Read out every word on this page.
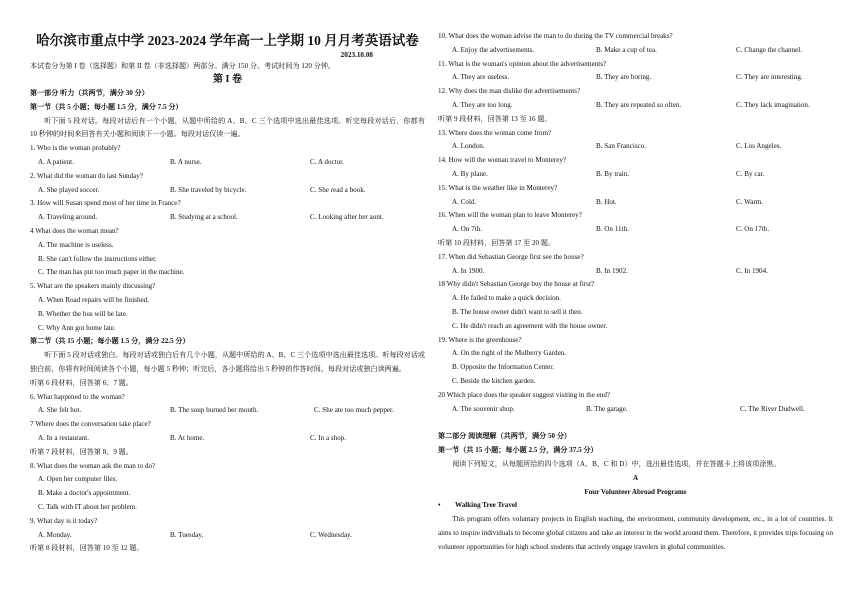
哈尔滨市重点中学 2023-2024 学年高一上学期 10 月月考英语试卷
2023.10.08
本试卷分为第 I 卷（选择题）和第 II 卷（非选择题）两部分。满分 150 分。考试时间为 120 分钟。
第 I 卷
第一部分 听力（共两节，满分 30 分）
第一节（共 5 小题；每小题 1.5 分，满分 7.5 分）
听下面 5 段对话。每段对话后有一个小题，从题中所给的 A、B、C 三个选项中选出最佳选项。听完每段对话后，你都有 10 秒钟的时间来回答有关小题和阅读下一小题。每段对话仅读一遍。
1. Who is the woman probably?
A. A patient.	B. A nurse.	C. A doctor.
2. What did the woman do last Sunday?
A. She played soccer.	B. She traveled by bicycle.	C. She read a book.
3. How will Susan spend most of her time in France?
A. Traveling around.	B. Studying at a school.	C. Looking after her aunt.
4 What does the woman mean?
A. The machine is useless.
B. She can't follow the instructions either.
C. The man has put too much paper in the machine.
5. What are the speakers mainly discussing?
A. When Road repairs will be finished.
B. Whether the bus will be late.
C. Why Ann got home late.
第二节（共 15 小题；每小题 1.5 分，满分 22.5 分）
听下面 5 段对话或独白。每段对话或独白后有几个小题，从题中所给的 A、B、C 三个选项中选出最佳选项。听每段对话或独白前，你将有时间阅读各个小题，每小题 5 秒钟；听完后，各小题将给出 5 秒钟的作答时间。每段对话或独白读两遍。
听第 6 段材料，回答第 6、7 题。
6. What happened to the woman?
A. She felt hot.	B. The soup burned her mouth.	C. She ate too much pepper.
7 Where does the conversation take place?
A. In a restaurant.	B. At home.	C. In a shop.
听第 7 段材料，回答第 8、9 题。
8. What does the woman ask the man to do?
A. Open her computer files.
B. Make a doctor's appointment.
C. Talk with IT about her problem.
9. What day is it today?
A. Monday.	B. Tuesday.	C. Wednesday.
听第 8 段材料，回答第 10 至 12 题。
10. What does the woman advise the man to do during the TV commercial breaks?
A. Enjoy the advertisements.	B. Make a cup of tea.	C. Change the channel.
11. What is the woman's opinion about the advertisements?
A. They are useless.	B. They are boring.	C. They are interesting.
12. Why does the man dislike the advertisements?
A. They are too long.	B. They are repeated so often.	C. They lack imagination.
听第 9 段材料，回答第 13 至 16 题。
13. Where does the woman come from?
A. London.	B. San Francisco.	C. Los Angeles.
14. How will the woman travel to Monterey?
A. By plane.	B. By train.	C. By car.
15. What is the weather like in Monterey?
A. Cold.	B. Hot.	C. Warm.
16. When will the woman plan to leave Monterey?
A. On 7th.	B. On 11th.	C. On 17th.
听第 10 段材料，回答第 17 至 20 题。
17. When did Sebastian George first see the house?
A. In 1900.	B. In 1902.	C. In 1904.
18 Why didn't Sebastian George buy the house at first?
A. He failed to make a quick decision.
B. The house owner didn't want to sell it then.
C. He didn't reach an agreement with the house owner.
19. Where is the greenhouse?
A. On the right of the Mulberry Garden.
B. Opposite the Information Center.
C. Beside the kitchen garden.
20 Which place does the speaker suggest visiting in the end?
A. The souvenir shop.	B. The garage.	C. The River Dudwell.
第二部分 阅读理解（共两节，满分 50 分）
第一节（共 15 小题；每小题 2.5 分，满分 37.5 分）
阅读下列短文，从每题所给的四个选项（A、B、C 和 D）中，选出最佳选项，并在答题卡上将该项涂黑。
A
Four Volunteer Abroad Programs
•	Walking Tree Travel
This program offers voluntary projects in English teaching, the environment, community development, etc., in a lot of countries. It aims to inspire individuals to become global citizens and take an interest in the world around them. Therefore, it provides trips focusing on volunteer opportunities for high school students that actively engage travelers in global communities.
